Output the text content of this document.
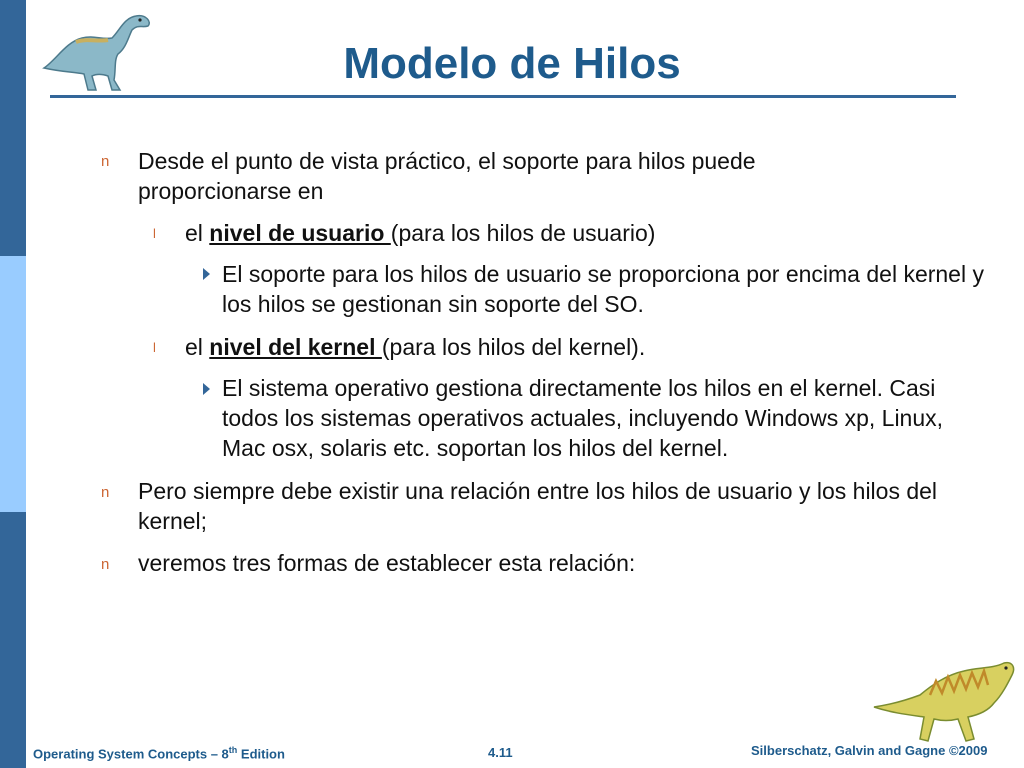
Modelo de Hilos
n Desde el punto de vista práctico, el soporte para hilos puede proporcionarse en

l el nivel de usuario (para los hilos de usuario)

El soporte para los hilos de usuario se proporciona por encima del kernel y los hilos se gestionan sin soporte del SO.

l el nivel del kernel (para los hilos del kernel).

El sistema operativo gestiona directamente los hilos en el kernel. Casi todos los sistemas operativos actuales, incluyendo Windows xp, Linux, Mac osx, solaris etc. soportan los hilos del kernel.

n Pero siempre debe existir una relación entre los hilos de usuario y los hilos del kernel;

n veremos tres formas de establecer esta relación:

Operating System Concepts – 8th Edition	4.11	Silberschatz, Galvin and Gagne ©2009
